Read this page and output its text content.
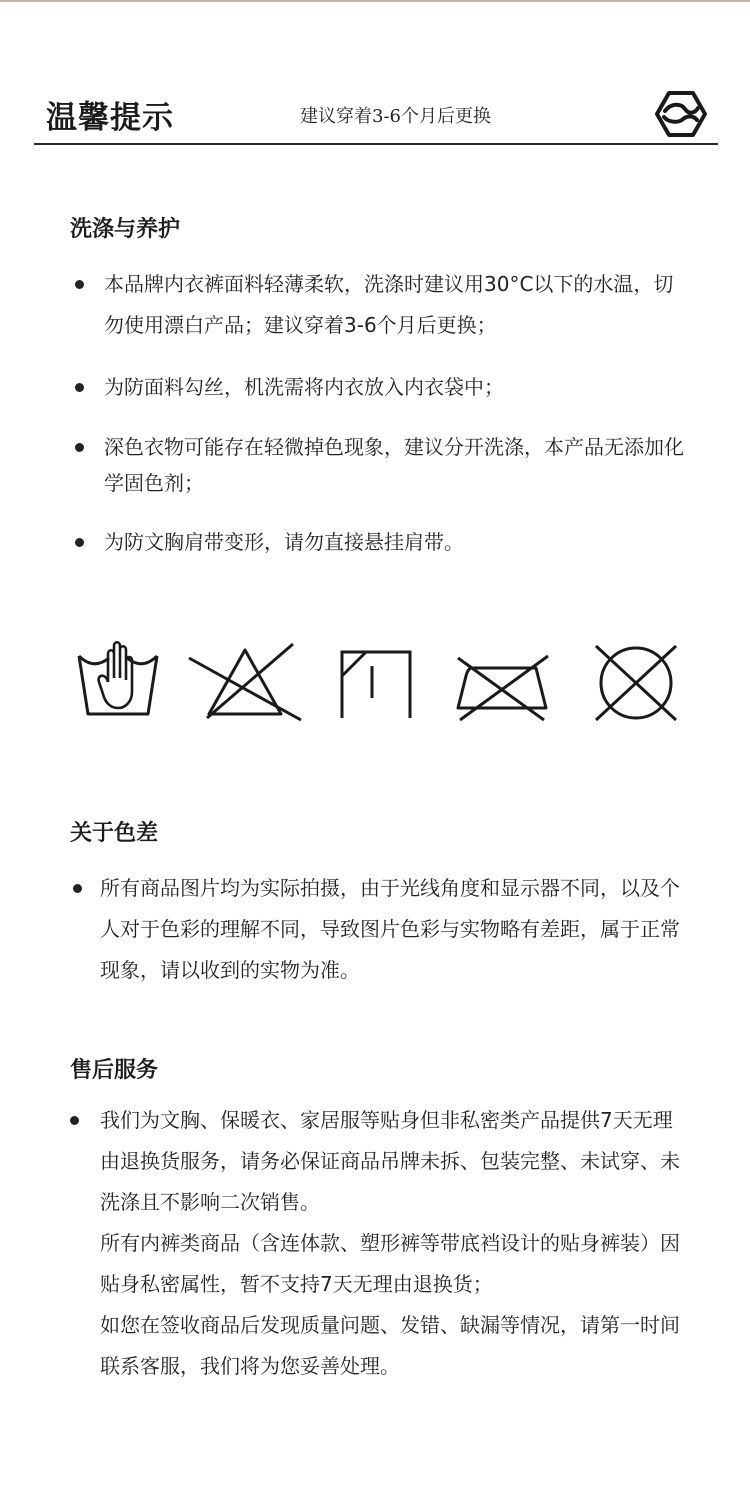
温馨提示	建议穿着3-6个月后更换
洗涤与养护
本品牌内衣裤面料轻薄柔软，洗涤时建议用30°C以下的水温，切勿使用漂白产品；建议穿着3-6个月后更换；
为防面料勾丝，机洗需将内衣放入内衣袋中；
深色衣物可能存在轻微掉色现象，建议分开洗涤，本产品无添加化学固色剂；
为防文胸肩带变形，请勿直接悬挂肩带。
关于色差
所有商品图片均为实际拍摄，由于光线角度和显示器不同，以及个人对于色彩的理解不同，导致图片色彩与实物略有差距，属于正常现象，请以收到的实物为准。
售后服务
我们为文胸、保暖衣、家居服等贴身但非私密类产品提供7天无理由退换货服务，请务必保证商品吊牌未拆、包装完整、未试穿、未洗涤且不影响二次销售。
所有内裤类商品（含连体款、塑形裤等带底裆设计的贴身裤装）因贴身私密属性，暂不支持7天无理由退换货；
如您在签收商品后发现质量问题、发错、缺漏等情况，请第一时间联系客服，我们将为您妥善处理。
